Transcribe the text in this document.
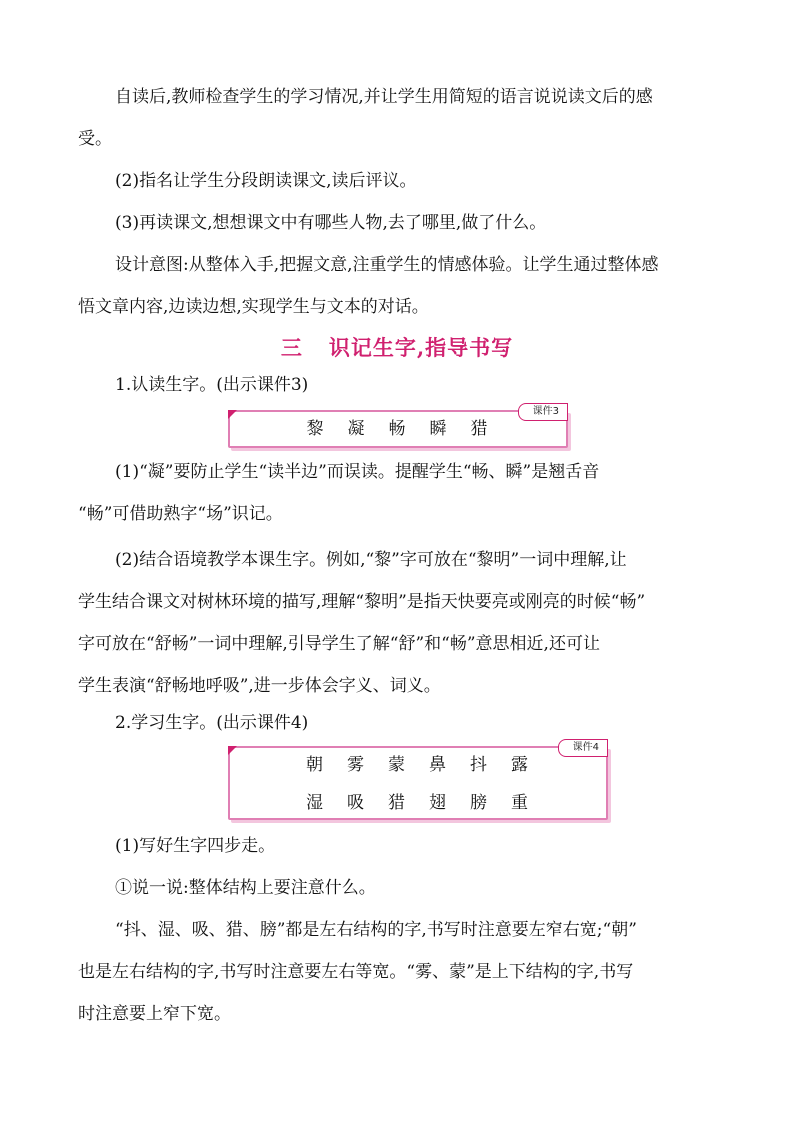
自读后,教师检查学生的学习情况,并让学生用简短的语言说说读文后的感

受。

(2)指名让学生分段朗读课文,读后评议。

(3)再读课文,想想课文中有哪些人物,去了哪里,做了什么。

设计意图:从整体入手,把握文意,注重学生的情感体验。让学生通过整体感

悟文章内容,边读边想,实现学生与文本的对话。

三 识记生字,指导书写

1.认读生字。(出示课件3)

课件3
黎 凝 畅 瞬 猎

(1)“凝”要防止学生“读半边”而误读。提醒学生“畅、瞬”是翘舌音

“畅”可借助熟字“场”识记。

(2)结合语境教学本课生字。例如,“黎”字可放在“黎明”一词中理解,让

学生结合课文对树林环境的描写,理解“黎明”是指天快要亮或刚亮的时候“畅”

字可放在“舒畅”一词中理解,引导学生了解“舒”和“畅”意思相近,还可让

学生表演“舒畅地呼吸”,进一步体会字义、词义。

2.学习生字。(出示课件4)

课件4
朝 雾 蒙 鼻 抖 露
湿 吸 猎 翅 膀 重

(1)写好生字四步走。

①说一说:整体结构上要注意什么。

“抖、湿、吸、猎、膀”都是左右结构的字,书写时注意要左窄右宽;“朝”

也是左右结构的字,书写时注意要左右等宽。“雾、蒙”是上下结构的字,书写

时注意要上窄下宽。
